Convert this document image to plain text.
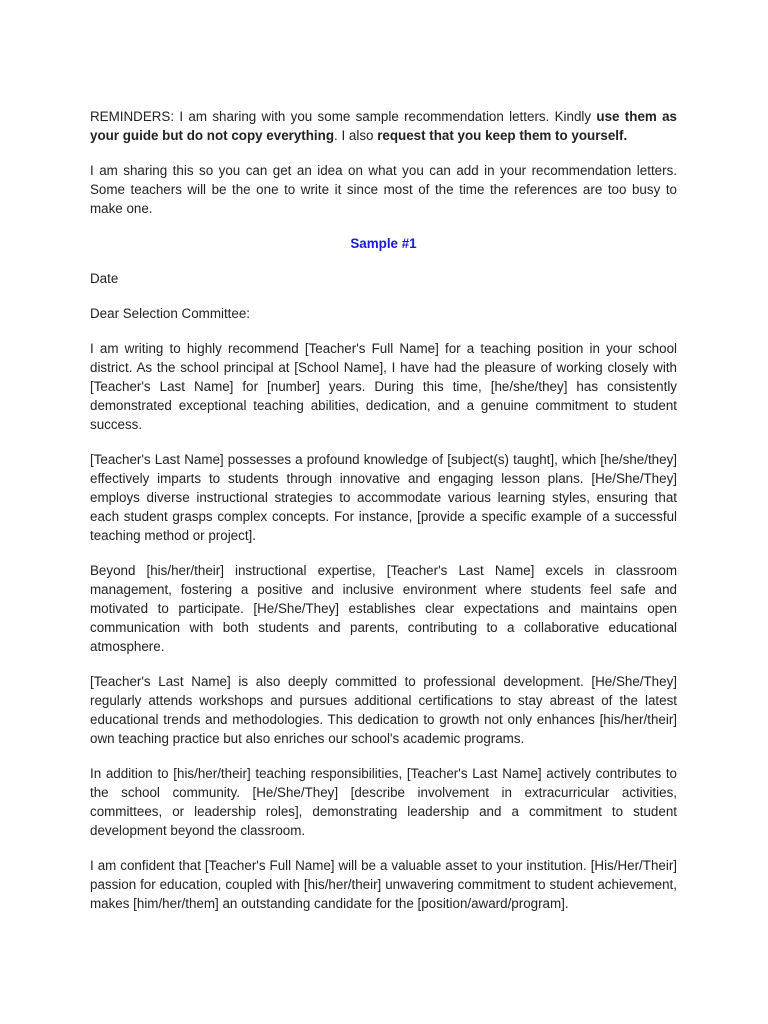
REMINDERS: I am sharing with you some sample recommendation letters. Kindly use them as your guide but do not copy everything. I also request that you keep them to yourself.

I am sharing this so you can get an idea on what you can add in your recommendation letters. Some teachers will be the one to write it since most of the time the references are too busy to make one.

Sample #1

Date

Dear Selection Committee:

I am writing to highly recommend [Teacher's Full Name] for a teaching position in your school district. As the school principal at [School Name], I have had the pleasure of working closely with [Teacher's Last Name] for [number] years. During this time, [he/she/they] has consistently demonstrated exceptional teaching abilities, dedication, and a genuine commitment to student success.

[Teacher's Last Name] possesses a profound knowledge of [subject(s) taught], which [he/she/they] effectively imparts to students through innovative and engaging lesson plans. [He/She/They] employs diverse instructional strategies to accommodate various learning styles, ensuring that each student grasps complex concepts. For instance, [provide a specific example of a successful teaching method or project].

Beyond [his/her/their] instructional expertise, [Teacher's Last Name] excels in classroom management, fostering a positive and inclusive environment where students feel safe and motivated to participate. [He/She/They] establishes clear expectations and maintains open communication with both students and parents, contributing to a collaborative educational atmosphere.

[Teacher's Last Name] is also deeply committed to professional development. [He/She/They] regularly attends workshops and pursues additional certifications to stay abreast of the latest educational trends and methodologies. This dedication to growth not only enhances [his/her/their] own teaching practice but also enriches our school's academic programs.

In addition to [his/her/their] teaching responsibilities, [Teacher's Last Name] actively contributes to the school community. [He/She/They] [describe involvement in extracurricular activities, committees, or leadership roles], demonstrating leadership and a commitment to student development beyond the classroom.

I am confident that [Teacher's Full Name] will be a valuable asset to your institution. [His/Her/Their] passion for education, coupled with [his/her/their] unwavering commitment to student achievement, makes [him/her/them] an outstanding candidate for the [position/award/program].
